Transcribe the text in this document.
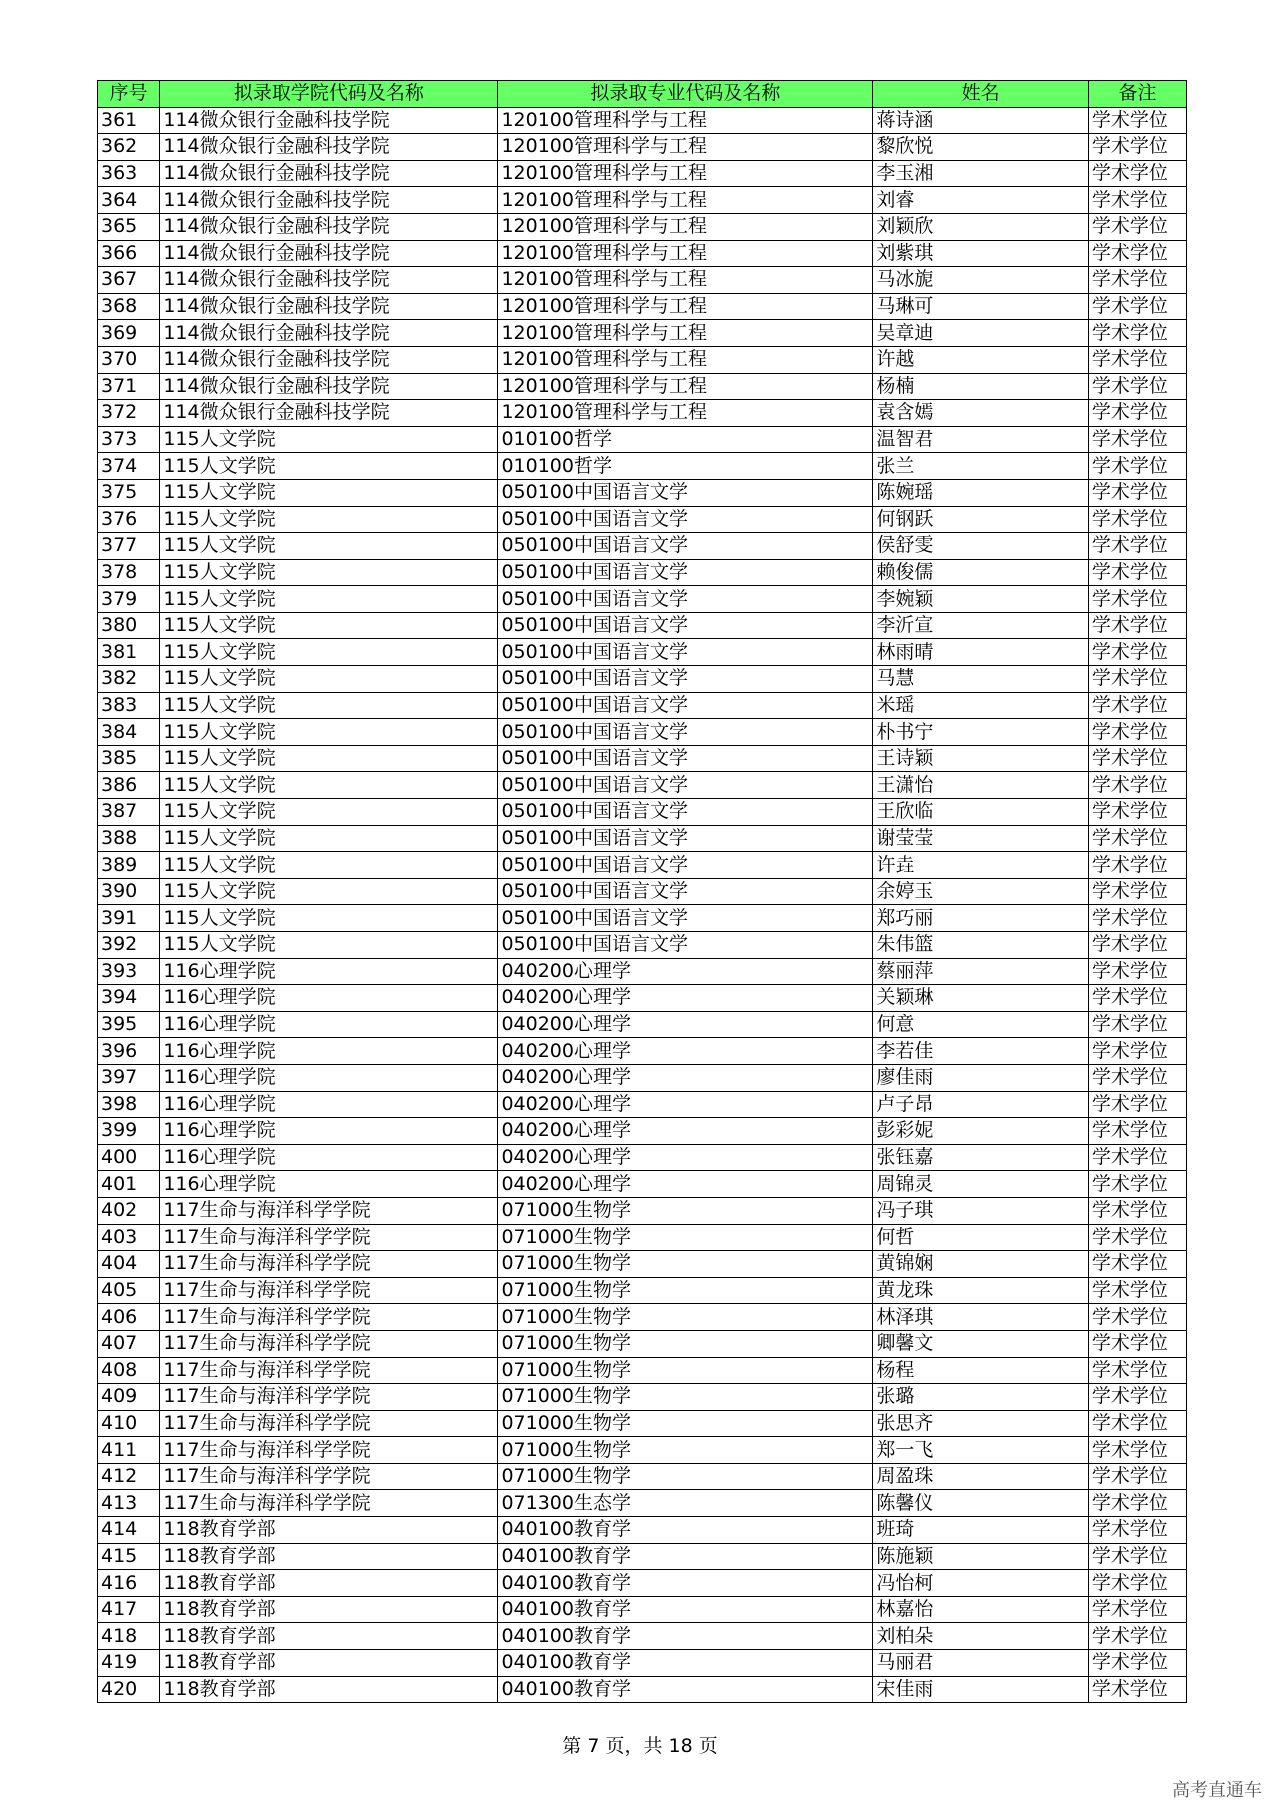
序号	拟录取学院代码及名称	拟录取专业代码及名称	姓名	备注
361	114微众银行金融科技学院	120100管理科学与工程	蒋诗涵	学术学位
362	114微众银行金融科技学院	120100管理科学与工程	黎欣悦	学术学位
363	114微众银行金融科技学院	120100管理科学与工程	李玉湘	学术学位
364	114微众银行金融科技学院	120100管理科学与工程	刘睿	学术学位
365	114微众银行金融科技学院	120100管理科学与工程	刘颖欣	学术学位
366	114微众银行金融科技学院	120100管理科学与工程	刘紫琪	学术学位
367	114微众银行金融科技学院	120100管理科学与工程	马冰旎	学术学位
368	114微众银行金融科技学院	120100管理科学与工程	马琳可	学术学位
369	114微众银行金融科技学院	120100管理科学与工程	吴章迪	学术学位
370	114微众银行金融科技学院	120100管理科学与工程	许越	学术学位
371	114微众银行金融科技学院	120100管理科学与工程	杨楠	学术学位
372	114微众银行金融科技学院	120100管理科学与工程	袁含嫣	学术学位
373	115人文学院	010100哲学	温智君	学术学位
374	115人文学院	010100哲学	张兰	学术学位
375	115人文学院	050100中国语言文学	陈婉瑶	学术学位
376	115人文学院	050100中国语言文学	何钢跃	学术学位
377	115人文学院	050100中国语言文学	侯舒雯	学术学位
378	115人文学院	050100中国语言文学	赖俊儒	学术学位
379	115人文学院	050100中国语言文学	李婉颖	学术学位
380	115人文学院	050100中国语言文学	李沂宣	学术学位
381	115人文学院	050100中国语言文学	林雨晴	学术学位
382	115人文学院	050100中国语言文学	马慧	学术学位
383	115人文学院	050100中国语言文学	米瑶	学术学位
384	115人文学院	050100中国语言文学	朴书宁	学术学位
385	115人文学院	050100中国语言文学	王诗颖	学术学位
386	115人文学院	050100中国语言文学	王潇怡	学术学位
387	115人文学院	050100中国语言文学	王欣临	学术学位
388	115人文学院	050100中国语言文学	谢莹莹	学术学位
389	115人文学院	050100中国语言文学	许垚	学术学位
390	115人文学院	050100中国语言文学	余婷玉	学术学位
391	115人文学院	050100中国语言文学	郑巧丽	学术学位
392	115人文学院	050100中国语言文学	朱伟篮	学术学位
393	116心理学院	040200心理学	蔡丽萍	学术学位
394	116心理学院	040200心理学	关颖琳	学术学位
395	116心理学院	040200心理学	何意	学术学位
396	116心理学院	040200心理学	李若佳	学术学位
397	116心理学院	040200心理学	廖佳雨	学术学位
398	116心理学院	040200心理学	卢子昂	学术学位
399	116心理学院	040200心理学	彭彩妮	学术学位
400	116心理学院	040200心理学	张钰嘉	学术学位
401	116心理学院	040200心理学	周锦灵	学术学位
402	117生命与海洋科学学院	071000生物学	冯子琪	学术学位
403	117生命与海洋科学学院	071000生物学	何哲	学术学位
404	117生命与海洋科学学院	071000生物学	黄锦娴	学术学位
405	117生命与海洋科学学院	071000生物学	黄龙珠	学术学位
406	117生命与海洋科学学院	071000生物学	林泽琪	学术学位
407	117生命与海洋科学学院	071000生物学	卿馨文	学术学位
408	117生命与海洋科学学院	071000生物学	杨程	学术学位
409	117生命与海洋科学学院	071000生物学	张璐	学术学位
410	117生命与海洋科学学院	071000生物学	张思齐	学术学位
411	117生命与海洋科学学院	071000生物学	郑一飞	学术学位
412	117生命与海洋科学学院	071000生物学	周盈珠	学术学位
413	117生命与海洋科学学院	071300生态学	陈馨仪	学术学位
414	118教育学部	040100教育学	班琦	学术学位
415	118教育学部	040100教育学	陈施颖	学术学位
416	118教育学部	040100教育学	冯怡柯	学术学位
417	118教育学部	040100教育学	林嘉怡	学术学位
418	118教育学部	040100教育学	刘柏朵	学术学位
419	118教育学部	040100教育学	马丽君	学术学位
420	118教育学部	040100教育学	宋佳雨	学术学位
第 7 页，共 18 页
高考直通车
